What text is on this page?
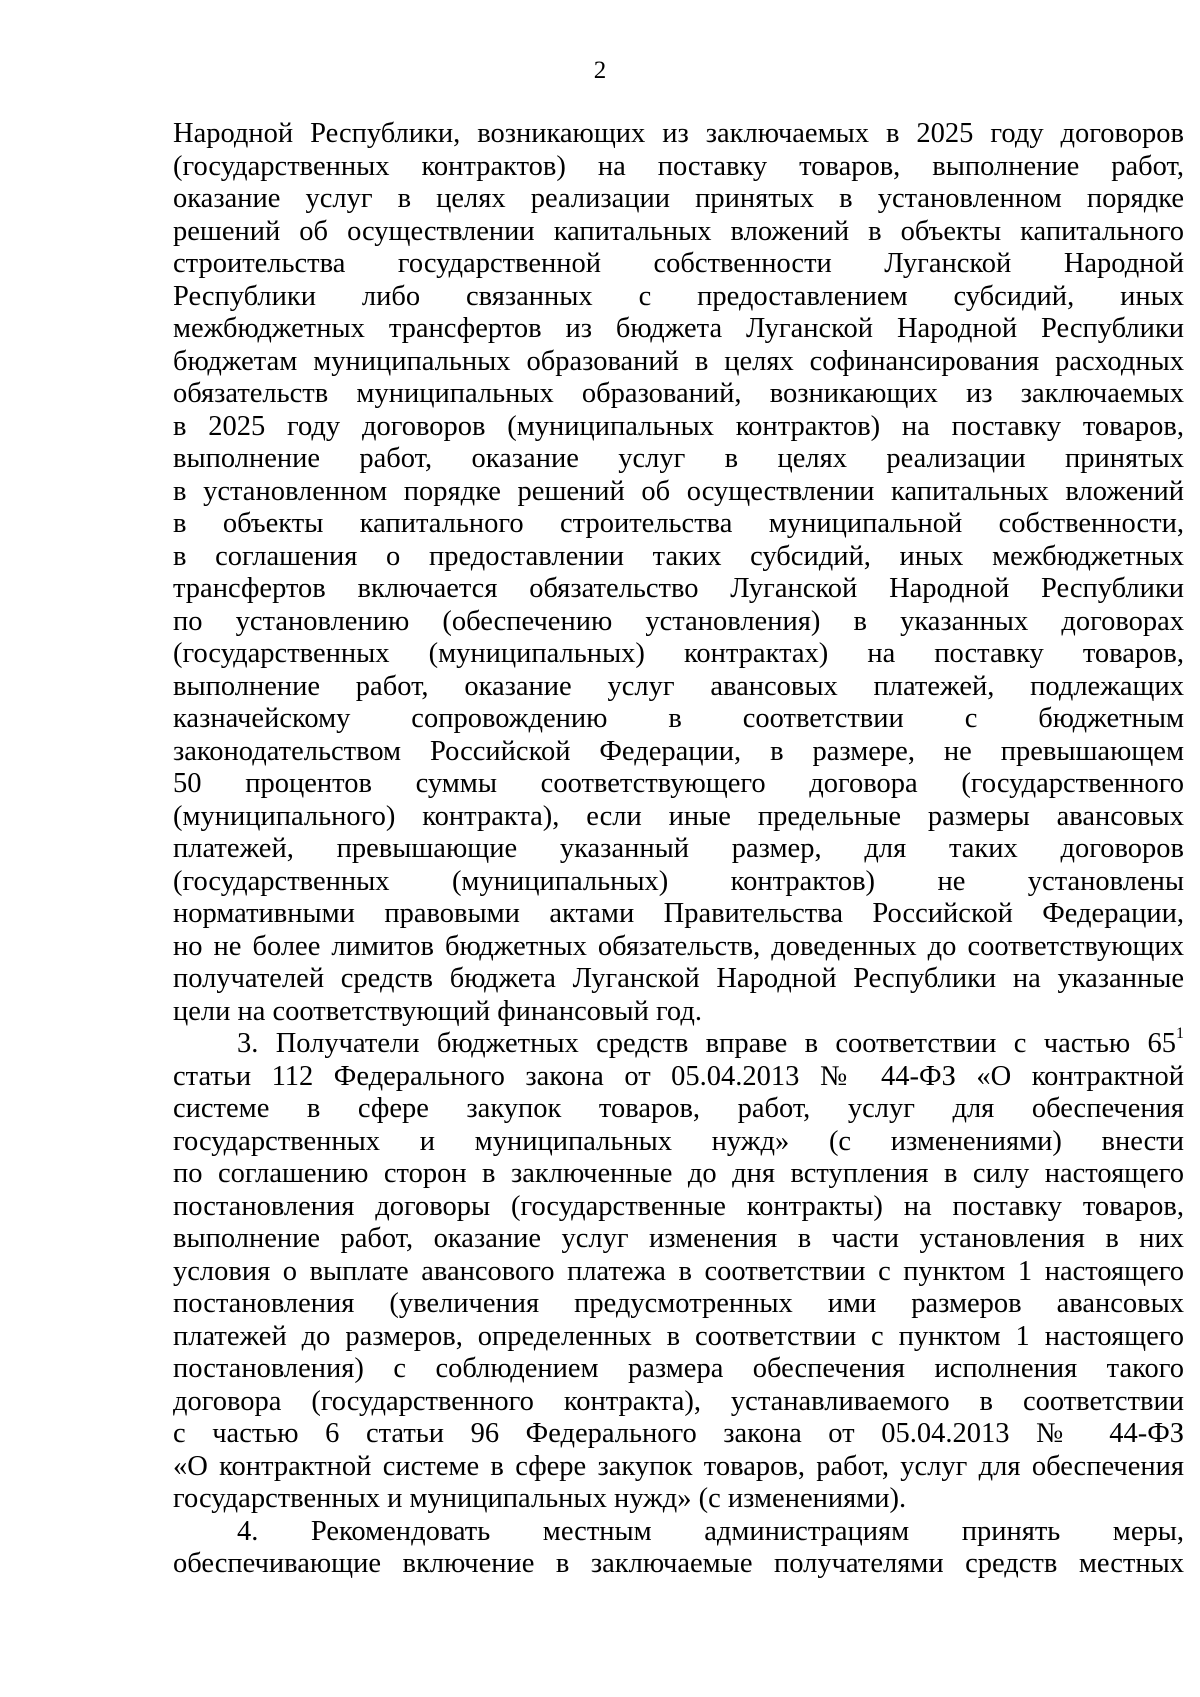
2
Народной Республики, возникающих из заключаемых в 2025 году договоров
(государственных контрактов) на поставку товаров, выполнение работ,
оказание услуг в целях реализации принятых в установленном порядке
решений об осуществлении капитальных вложений в объекты капитального
строительства государственной собственности Луганской Народной
Республики либо связанных с предоставлением субсидий, иных
межбюджетных трансфертов из бюджета Луганской Народной Республики
бюджетам муниципальных образований в целях софинансирования расходных
обязательств муниципальных образований, возникающих из заключаемых
в 2025 году договоров (муниципальных контрактов) на поставку товаров,
выполнение работ, оказание услуг в целях реализации принятых
в установленном порядке решений об осуществлении капитальных вложений
в объекты капитального строительства муниципальной собственности,
в соглашения о предоставлении таких субсидий, иных межбюджетных
трансфертов включается обязательство Луганской Народной Республики
по установлению (обеспечению установления) в указанных договорах
(государственных (муниципальных) контрактах) на поставку товаров,
выполнение работ, оказание услуг авансовых платежей, подлежащих
казначейскому сопровождению в соответствии с бюджетным
законодательством Российской Федерации, в размере, не превышающем
50 процентов суммы соответствующего договора (государственного
(муниципального) контракта), если иные предельные размеры авансовых
платежей, превышающие указанный размер, для таких договоров
(государственных (муниципальных) контрактов) не установлены
нормативными правовыми актами Правительства Российской Федерации,
но не более лимитов бюджетных обязательств, доведенных до соответствующих
получателей средств бюджета Луганской Народной Республики на указанные
цели на соответствующий финансовый год.
3. Получатели бюджетных средств вправе в соответствии с частью $65^1$
статьи 112 Федерального закона от 05.04.2013 № 44-ФЗ «О контрактной
системе в сфере закупок товаров, работ, услуг для обеспечения
государственных и муниципальных нужд» (с изменениями) внести
по соглашению сторон в заключенные до дня вступления в силу настоящего
постановления договоры (государственные контракты) на поставку товаров,
выполнение работ, оказание услуг изменения в части установления в них
условия о выплате авансового платежа в соответствии с пунктом 1 настоящего
постановления (увеличения предусмотренных ими размеров авансовых
платежей до размеров, определенных в соответствии с пунктом 1 настоящего
постановления) с соблюдением размера обеспечения исполнения такого
договора (государственного контракта), устанавливаемого в соответствии
с частью 6 статьи 96 Федерального закона от 05.04.2013 № 44-ФЗ
«О контрактной системе в сфере закупок товаров, работ, услуг для обеспечения
государственных и муниципальных нужд» (с изменениями).
4. Рекомендовать местным администрациям принять меры,
обеспечивающие включение в заключаемые получателями средств местных
